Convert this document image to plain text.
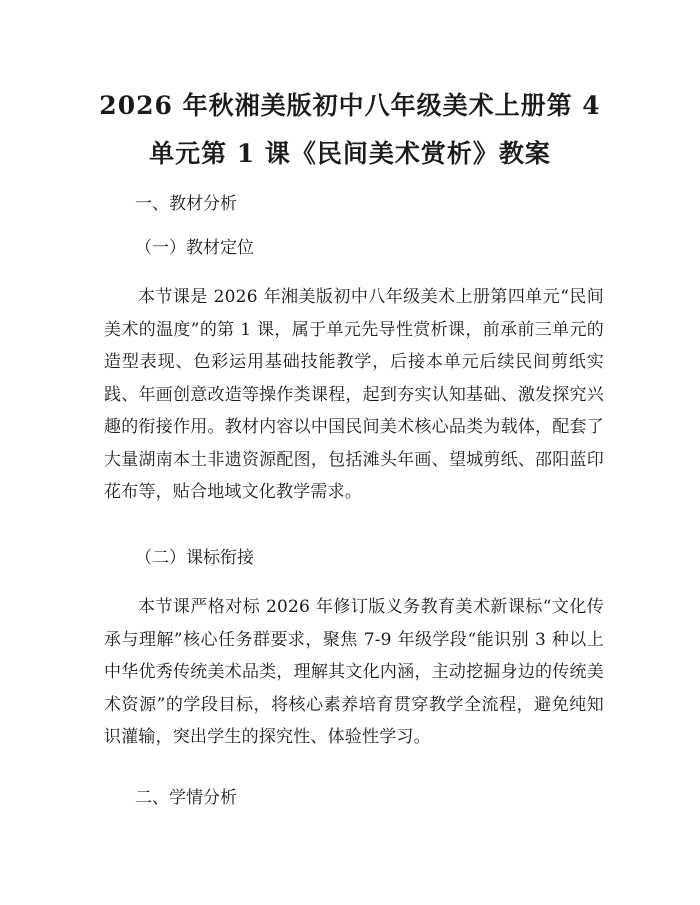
2026 年秋湘美版初中八年级美术上册第 4 单元第 1 课《民间美术赏析》教案

一、教材分析

（一）教材定位

本节课是 2026 年湘美版初中八年级美术上册第四单元“民间美术的温度”的第 1 课，属于单元先导性赏析课，前承前三单元的造型表现、色彩运用基础技能教学，后接本单元后续民间剪纸实践、年画创意改造等操作类课程，起到夯实认知基础、激发探究兴趣的衔接作用。教材内容以中国民间美术核心品类为载体，配套了大量湖南本土非遗资源配图，包括滩头年画、望城剪纸、邵阳蓝印花布等，贴合地域文化教学需求。

（二）课标衔接

本节课严格对标 2026 年修订版义务教育美术新课标“文化传承与理解”核心任务群要求，聚焦 7-9 年级学段“能识别 3 种以上中华优秀传统美术品类，理解其文化内涵，主动挖掘身边的传统美术资源”的学段目标，将核心素养培育贯穿教学全流程，避免纯知识灌输，突出学生的探究性、体验性学习。

二、学情分析
